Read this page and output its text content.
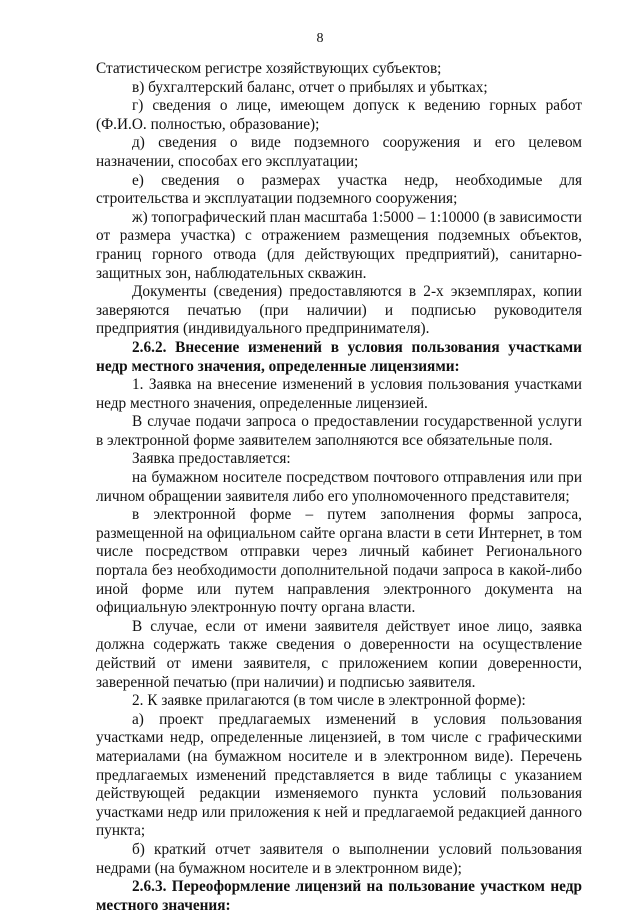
8

Статистическом регистре хозяйствующих субъектов;

в) бухгалтерский баланс, отчет о прибылях и убытках;

г) сведения о лице, имеющем допуск к ведению горных работ (Ф.И.О. полностью, образование);

д) сведения о виде подземного сооружения и его целевом назначении, способах его эксплуатации;

е) сведения о размерах участка недр, необходимые для строительства и эксплуатации подземного сооружения;

ж) топографический план масштаба 1:5000 – 1:10000 (в зависимости от размера участка) с отражением размещения подземных объектов, границ горного отвода (для действующих предприятий), санитарно-защитных зон, наблюдательных скважин.

Документы (сведения) предоставляются в 2-х экземплярах, копии заверяются печатью (при наличии) и подписью руководителя предприятия (индивидуального предпринимателя).

2.6.2. Внесение изменений в условия пользования участками недр местного значения, определенные лицензиями:

1. Заявка на внесение изменений в условия пользования участками недр местного значения, определенные лицензией.

В случае подачи запроса о предоставлении государственной услуги в электронной форме заявителем заполняются все обязательные поля.

Заявка предоставляется:

на бумажном носителе посредством почтового отправления или при личном обращении заявителя либо его уполномоченного представителя;

в электронной форме – путем заполнения формы запроса, размещенной на официальном сайте органа власти в сети Интернет, в том числе посредством отправки через личный кабинет Регионального портала без необходимости дополнительной подачи запроса в какой-либо иной форме или путем направления электронного документа на официальную электронную почту органа власти.

В случае, если от имени заявителя действует иное лицо, заявка должна содержать также сведения о доверенности на осуществление действий от имени заявителя, с приложением копии доверенности, заверенной печатью (при наличии) и подписью заявителя.

2. К заявке прилагаются (в том числе в электронной форме):

а) проект предлагаемых изменений в условия пользования участками недр, определенные лицензией, в том числе с графическими материалами (на бумажном носителе и в электронном виде). Перечень предлагаемых изменений представляется в виде таблицы с указанием действующей редакции изменяемого пункта условий пользования участками недр или приложения к ней и предлагаемой редакцией данного пункта;

б) краткий отчет заявителя о выполнении условий пользования недрами (на бумажном носителе и в электронном виде);

2.6.3. Переоформление лицензий на пользование участком недр местного значения:
